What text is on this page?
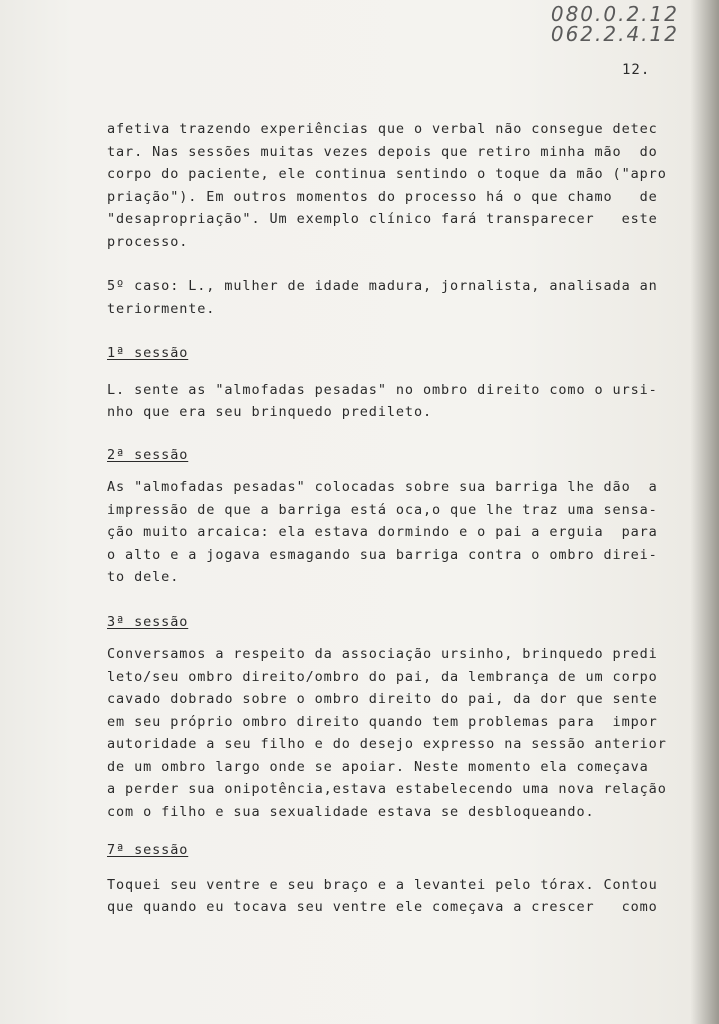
080.0.2.12
062.2.4.12
12.

afetiva trazendo experiências que o verbal não consegue detec

tar. Nas sessões muitas vezes depois que retiro minha mão  do

corpo do paciente, ele continua sentindo o toque da mão ("apro

priação"). Em outros momentos do processo há o que chamo   de

"desapropriação". Um exemplo clínico fará transparecer   este

processo.

5º caso: L., mulher de idade madura, jornalista, analisada an

teriormente.

1ª sessão

L. sente as "almofadas pesadas" no ombro direito como o ursi-

nho que era seu brinquedo predileto.

2ª sessão

As "almofadas pesadas" colocadas sobre sua barriga lhe dão  a

impressão de que a barriga está oca,o que lhe traz uma sensa-

ção muito arcaica: ela estava dormindo e o pai a erguia  para

o alto e a jogava esmagando sua barriga contra o ombro direi-

to dele.

3ª sessão

Conversamos a respeito da associação ursinho, brinquedo predi

leto/seu ombro direito/ombro do pai, da lembrança de um corpo

cavado dobrado sobre o ombro direito do pai, da dor que sente

em seu próprio ombro direito quando tem problemas para  impor

autoridade a seu filho e do desejo expresso na sessão anterior

de um ombro largo onde se apoiar. Neste momento ela começava

a perder sua onipotência,estava estabelecendo uma nova relação

com o filho e sua sexualidade estava se desbloqueando.

7ª sessão

Toquei seu ventre e seu braço e a levantei pelo tórax. Contou

que quando eu tocava seu ventre ele começava a crescer   como
